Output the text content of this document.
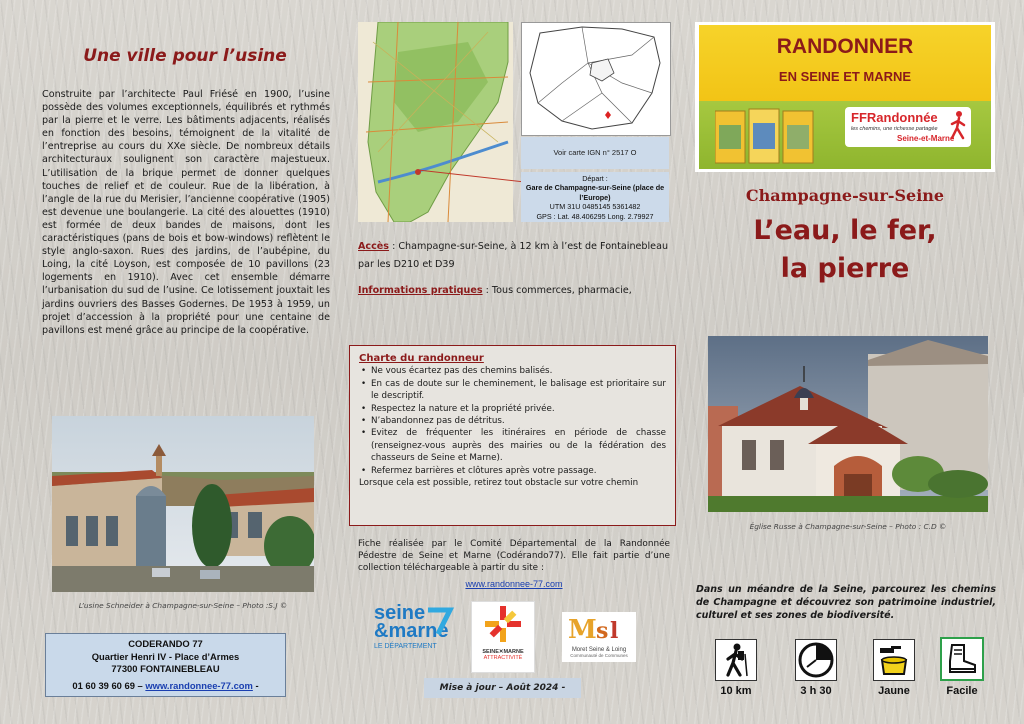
Une ville pour l’usine
Construite par l’architecte Paul Friésé en 1900, l’usine possède des volumes exceptionnels, équilibrés et rythmés par la pierre et le verre. Les bâtiments adjacents, réalisés en fonction des besoins, témoignent de la vitalité de l’entreprise au cours du XXe siècle. De nombreux détails architecturaux soulignent son caractère majestueux. L’utilisation de la brique permet de donner quelques touches de relief et de couleur. Rue de la libération, à l’angle de la rue du Merisier, l’ancienne coopérative (1905) est devenue une boulangerie. La cité des alouettes (1910) est formée de deux bandes de maisons, dont les caractéristiques (pans de bois et bow-windows) reflètent le style anglo-saxon. Rues des jardins, de l’aubépine, du Loing, la cité Loyson, est composée de 10 pavillons (23 logements en 1910). Avec cet ensemble démarre l’urbanisation du sud de l’usine. Ce lotissement jouxtait les jardins ouvriers des Basses Godernes. De 1953 à 1959, un projet d’accession à la propriété pour une centaine de pavillons est mené grâce au principe de la coopérative.
L’usine Schneider à Champagne-sur-Seine – Photo :S.J ©
CODERANDO 77
Quartier Henri IV - Place d’Armes
77300 FONTAINEBLEAU
01 60 39 60 69 – www.randonnee-77.com -
Voir carte IGN n° 2517 O
Départ :
Gare de Champagne-sur-Seine (place de l’Europe)
UTM 31U 0485145 5361482
GPS : Lat. 48.406295 Long. 2.79927
Accès : Champagne-sur-Seine, à 12 km à l’est de Fontainebleau par les D210 et D39
Informations pratiques : Tous commerces, pharmacie,
Charte du randonneur
• Ne vous écartez pas des chemins balisés.
• En cas de doute sur le cheminement, le balisage est prioritaire sur le descriptif.
• Respectez la nature et la propriété privée.
• N’abandonnez pas de détritus.
• Evitez de fréquenter les itinéraires en période de chasse (renseignez-vous auprès des mairies ou de la fédération des chasseurs de Seine et Marne).
• Refermez barrières et clôtures après votre passage.
Lorsque cela est possible, retirez tout obstacle sur votre chemin
Fiche réalisée par le Comité Départemental de la Randonnée Pédestre de Seine et Marne (Codérando77). Elle fait partie d’une collection téléchargeable à partir du site :
www.randonnee-77.com
seine
&marne
LE DÉPARTEMENT
SEINE✕MARNE
ATTRACTIVITÉ
M s l
Moret Seine & Loing
Communauté de Communes
Mise à jour – Août 2024 -
RANDONNER
EN SEINE ET MARNE
FFRandonnée
les chemins, une richesse partagée
Seine-et-Marne
Champagne-sur-Seine
L’eau, le fer,
la pierre
Église Russe à Champagne-sur-Seine – Photo : C.D ©
Dans un méandre de la Seine, parcourez les chemins de Champagne et découvrez son patrimoine industriel, culturel et ses zones de biodiversité.
10 km	3 h 30	Jaune	Facile
